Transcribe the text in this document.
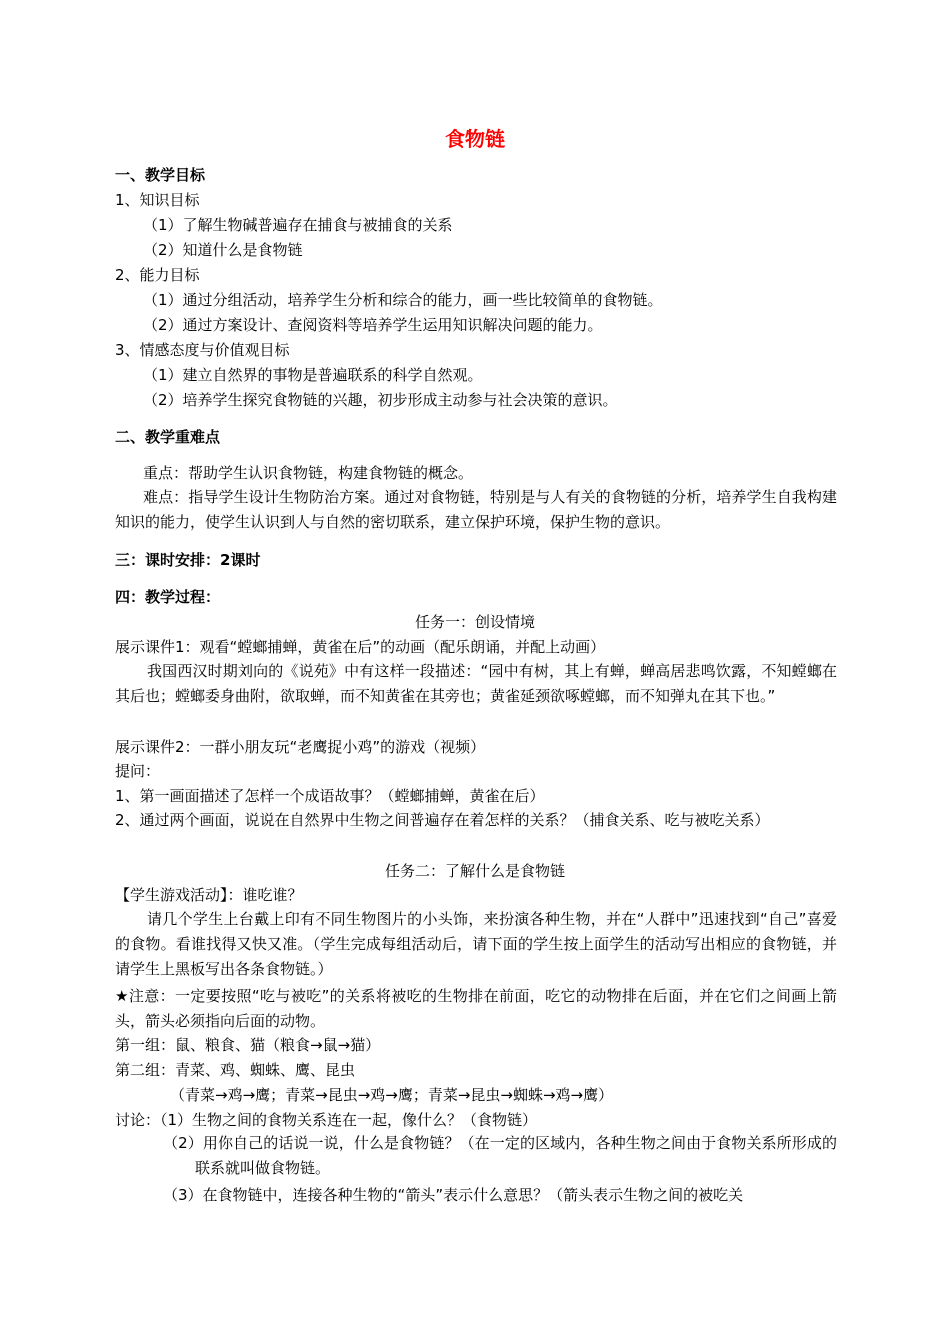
食物链
一、教学目标
1、知识目标
（1）了解生物碱普遍存在捕食与被捕食的关系
（2）知道什么是食物链
2、能力目标
（1）通过分组活动，培养学生分析和综合的能力，画一些比较简单的食物链。
（2）通过方案设计、查阅资料等培养学生运用知识解决问题的能力。
3、情感态度与价值观目标
（1）建立自然界的事物是普遍联系的科学自然观。
（2）培养学生探究食物链的兴趣，初步形成主动参与社会决策的意识。
二、教学重难点
重点：帮助学生认识食物链，构建食物链的概念。
难点：指导学生设计生物防治方案。通过对食物链，特别是与人有关的食物链的分析，培养学生自我构建知识的能力，使学生认识到人与自然的密切联系，建立保护环境，保护生物的意识。
三：课时安排：2课时
四：教学过程：
任务一：创设情境
展示课件1：观看“螳螂捕蝉，黄雀在后”的动画（配乐朗诵，并配上动画）
我国西汉时期刘向的《说苑》中有这样一段描述：“园中有树，其上有蝉，蝉高居悲鸣饮露，不知螳螂在其后也；螳螂委身曲附，欲取蝉，而不知黄雀在其旁也；黄雀延颈欲啄螳螂，而不知弹丸在其下也。”
展示课件2：一群小朋友玩“老鹰捉小鸡”的游戏（视频）
提问：
1、第一画面描述了怎样一个成语故事？（螳螂捕蝉，黄雀在后）
2、通过两个画面，说说在自然界中生物之间普遍存在着怎样的关系？（捕食关系、吃与被吃关系）
任务二：了解什么是食物链
【学生游戏活动】：谁吃谁？
请几个学生上台戴上印有不同生物图片的小头饰，来扮演各种生物，并在“人群中”迅速找到“自己”喜爱的食物。看谁找得又快又准。（学生完成每组活动后，请下面的学生按上面学生的活动写出相应的食物链，并请学生上黑板写出各条食物链。）
★注意：一定要按照“吃与被吃”的关系将被吃的生物排在前面，吃它的动物排在后面，并在它们之间画上箭头，箭头必须指向后面的动物。
第一组：鼠、粮食、猫（粮食→鼠→猫）
第二组：青菜、鸡、蜘蛛、鹰、昆虫
（青菜→鸡→鹰；青菜→昆虫→鸡→鹰；青菜→昆虫→蜘蛛→鸡→鹰）
讨论：（1）生物之间的食物关系连在一起，像什么？（食物链）
（2）用你自己的话说一说，什么是食物链？（在一定的区域内，各种生物之间由于食物关系所形成的联系就叫做食物链。
（3）在食物链中，连接各种生物的“箭头”表示什么意思？（箭头表示生物之间的被吃关
